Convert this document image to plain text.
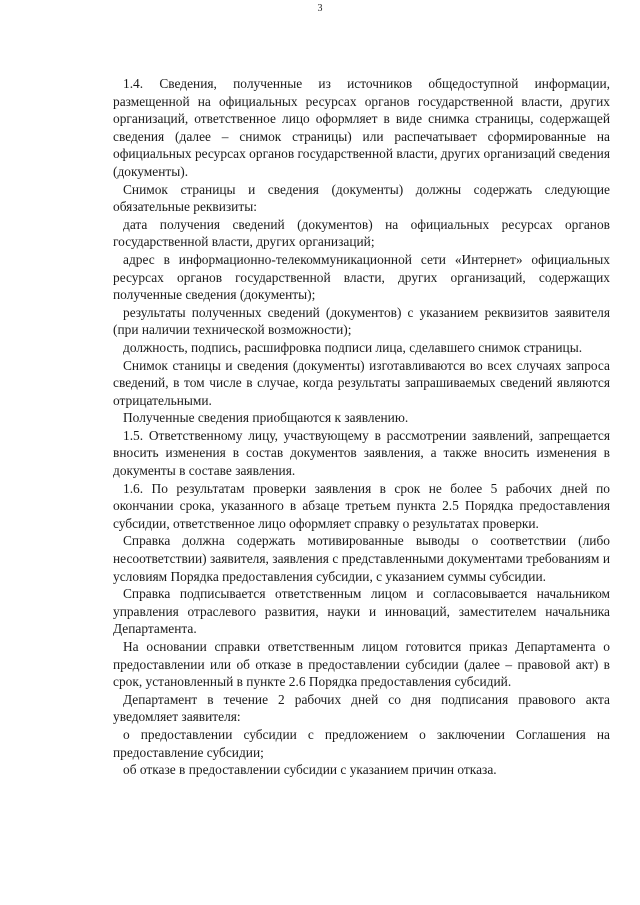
3

1.4. Сведения, полученные из источников общедоступной информации, размещенной на официальных ресурсах органов государственной власти, других организаций, ответственное лицо оформляет в виде снимка страницы, содержащей сведения (далее – снимок страницы) или распечатывает сформированные на официальных ресурсах органов государственной власти, других организаций сведения (документы).

Снимок страницы и сведения (документы) должны содержать следующие обязательные реквизиты:

дата получения сведений (документов) на официальных ресурсах органов государственной власти, других организаций;

адрес в информационно-телекоммуникационной сети «Интернет» официальных ресурсах органов государственной власти, других организаций, содержащих полученные сведения (документы);

результаты полученных сведений (документов) с указанием реквизитов заявителя (при наличии технической возможности);

должность, подпись, расшифровка подписи лица, сделавшего снимок страницы.

Снимок станицы и сведения (документы) изготавливаются во всех случаях запроса сведений, в том числе в случае, когда результаты запрашиваемых сведений являются отрицательными.

Полученные сведения приобщаются к заявлению.

1.5. Ответственному лицу, участвующему в рассмотрении заявлений, запрещается вносить изменения в состав документов заявления, а также вносить изменения в документы в составе заявления.

1.6. По результатам проверки заявления в срок не более 5 рабочих дней по окончании срока, указанного в абзаце третьем пункта 2.5 Порядка предоставления субсидии, ответственное лицо оформляет справку о результатах проверки.

Справка должна содержать мотивированные выводы о соответствии (либо несоответствии) заявителя, заявления с представленными документами требованиям и условиям Порядка предоставления субсидии, с указанием суммы субсидии.

Справка подписывается ответственным лицом и согласовывается начальником управления отраслевого развития, науки и инноваций, заместителем начальника Департамента.

На основании справки ответственным лицом готовится приказ Департамента о предоставлении или об отказе в предоставлении субсидии (далее – правовой акт) в срок, установленный в пункте 2.6 Порядка предоставления субсидий.

Департамент в течение 2 рабочих дней со дня подписания правового акта уведомляет заявителя:

о предоставлении субсидии с предложением о заключении Соглашения на предоставление субсидии;

об отказе в предоставлении субсидии с указанием причин отказа.
